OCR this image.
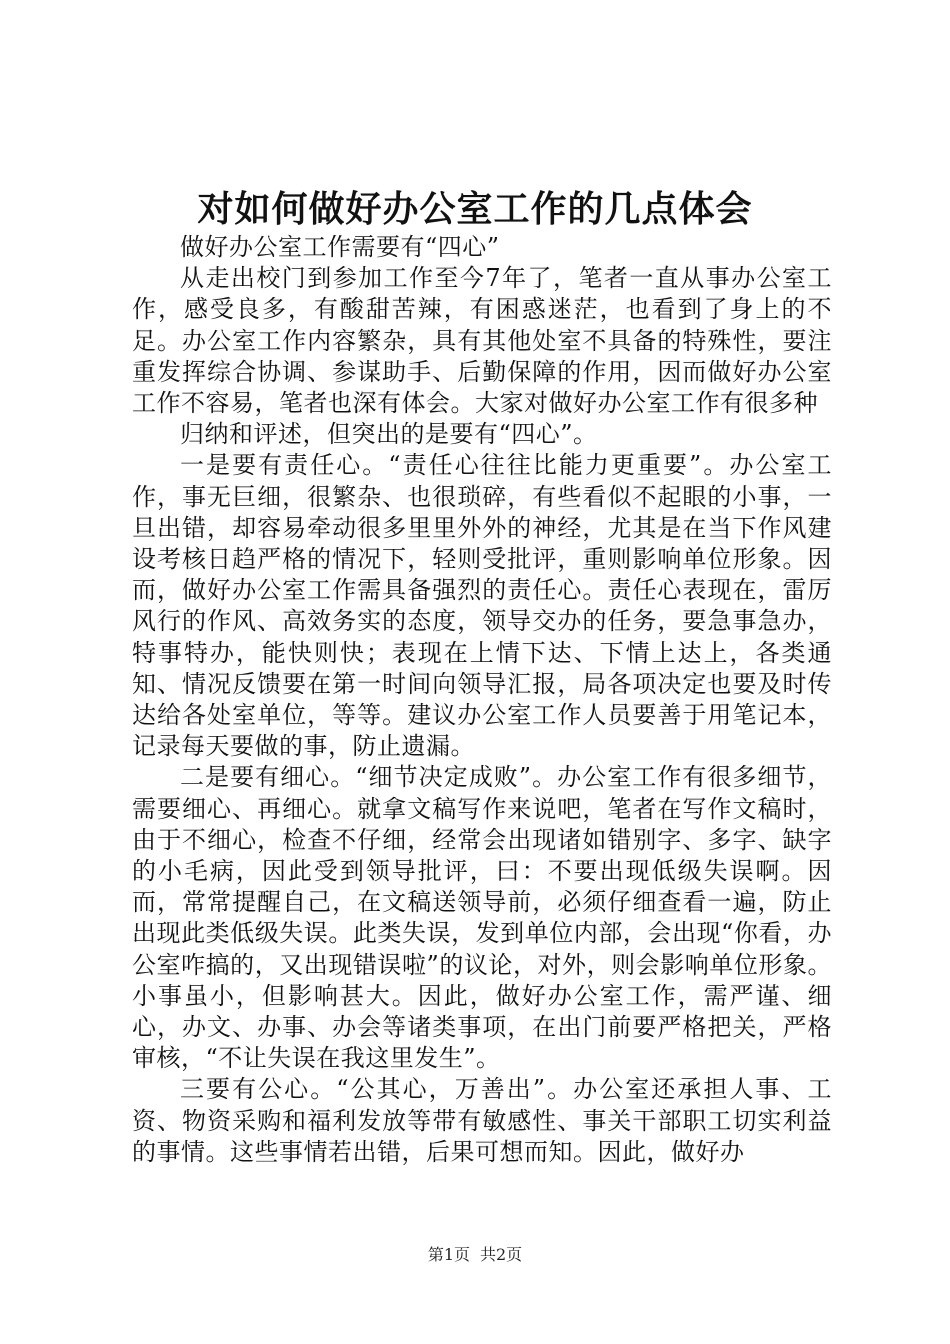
对如何做好办公室工作的几点体会

做好办公室工作需要有“四心”

从走出校门到参加工作至今7年了，笔者一直从事办公室工作，感受良多，有酸甜苦辣，有困惑迷茫，也看到了身上的不足。办公室工作内容繁杂，具有其他处室不具备的特殊性，要注重发挥综合协调、参谋助手、后勤保障的作用，因而做好办公室工作不容易，笔者也深有体会。大家对做好办公室工作有很多种

归纳和评述，但突出的是要有“四心”。

一是要有责任心。“责任心往往比能力更重要”。办公室工作，事无巨细，很繁杂、也很琐碎，有些看似不起眼的小事，一旦出错，却容易牵动很多里里外外的神经，尤其是在当下作风建设考核日趋严格的情况下，轻则受批评，重则影响单位形象。因而，做好办公室工作需具备强烈的责任心。责任心表现在，雷厉风行的作风、高效务实的态度，领导交办的任务，要急事急办，特事特办，能快则快；表现在上情下达、下情上达上，各类通知、情况反馈要在第一时间向领导汇报，局各项决定也要及时传达给各处室单位，等等。建议办公室工作人员要善于用笔记本，记录每天要做的事，防止遗漏。

二是要有细心。“细节决定成败”。办公室工作有很多细节，需要细心、再细心。就拿文稿写作来说吧，笔者在写作文稿时，由于不细心，检查不仔细，经常会出现诸如错别字、多字、缺字的小毛病，因此受到领导批评，曰：不要出现低级失误啊。因而，常常提醒自己，在文稿送领导前，必须仔细查看一遍，防止出现此类低级失误。此类失误，发到单位内部，会出现“你看，办公室咋搞的，又出现错误啦”的议论，对外，则会影响单位形象。小事虽小，但影响甚大。因此，做好办公室工作，需严谨、细心，办文、办事、办会等诸类事项，在出门前要严格把关，严格审核，“不让失误在我这里发生”。

三要有公心。“公其心，万善出”。办公室还承担人事、工资、物资采购和福利发放等带有敏感性、事关干部职工切实利益的事情。这些事情若出错，后果可想而知。因此，做好办

第1页 共2页
